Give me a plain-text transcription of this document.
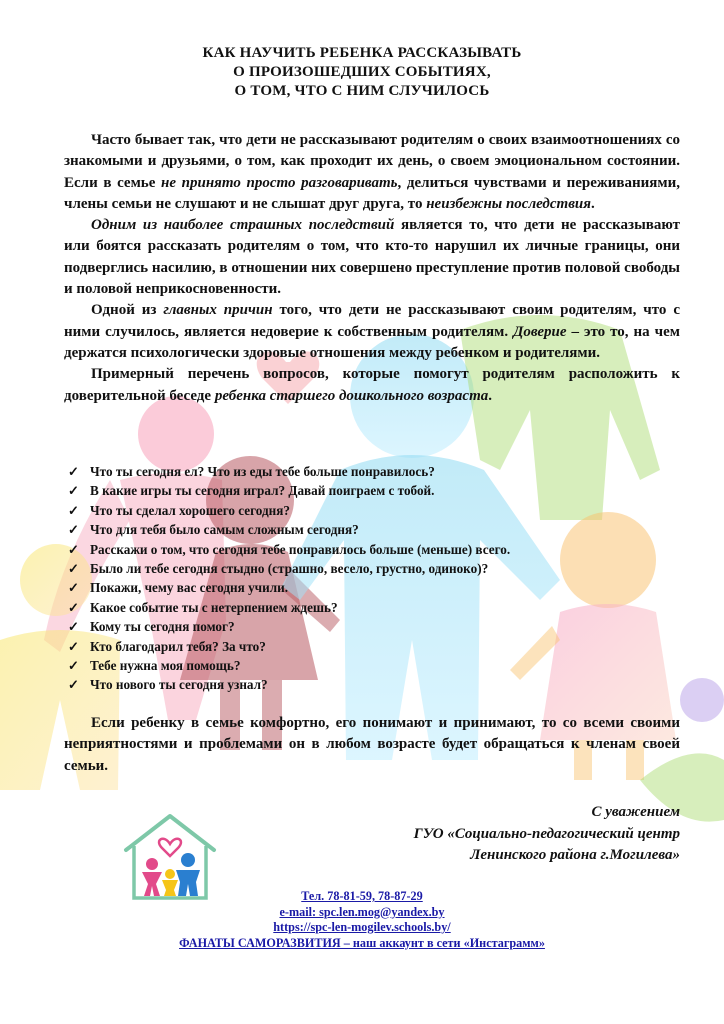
КАК НАУЧИТЬ РЕБЕНКА РАССКАЗЫВАТЬ
О ПРОИЗОШЕДШИХ СОБЫТИЯХ,
О ТОМ, ЧТО С НИМ СЛУЧИЛОСЬ

Часто бывает так, что дети не рассказывают родителям о своих взаимоотношениях со знакомыми и друзьями, о том, как проходит их день, о своем эмоциональном состоянии. Если в семье не принято просто разговаривать, делиться чувствами и переживаниями, члены семьи не слушают и не слышат друг друга, то неизбежны последствия.

Одним из наиболее страшных последствий является то, что дети не рассказывают или боятся рассказать родителям о том, что кто-то нарушил их личные границы, они подверглись насилию, в отношении них совершено преступление против половой свободы и половой неприкосновенности.

Одной из главных причин того, что дети не рассказывают своим родителям, что с ними случилось, является недоверие к собственным родителям. Доверие – это то, на чем держатся психологически здоровые отношения между ребенком и родителями.

Примерный перечень вопросов, которые помогут родителям расположить к доверительной беседе ребенка старшего дошкольного возраста.

✓ Что ты сегодня ел? Что из еды тебе больше понравилось?
✓ В какие игры ты сегодня играл? Давай поиграем с тобой.
✓ Что ты сделал хорошего сегодня?
✓ Что для тебя было самым сложным сегодня?
✓ Расскажи о том, что сегодня тебе понравилось больше (меньше) всего.
✓ Было ли тебе сегодня стыдно (страшно, весело, грустно, одиноко)?
✓ Покажи, чему вас сегодня учили.
✓ Какое событие ты с нетерпением ждешь?
✓ Кому ты сегодня помог?
✓ Кто благодарил тебя? За что?
✓ Тебе нужна моя помощь?
✓ Что нового ты сегодня узнал?

Если ребенку в семье комфортно, его понимают и принимают, то со всеми своими неприятностями и проблемами он в любом возрасте будет обращаться к членам своей семьи.

С уважением
ГУО «Социально-педагогический центр
Ленинского района г.Могилева»
Тел. 78-81-59, 78-87-29
e-mail: spc.len.mog@yandex.by
https://spc-len-mogilev.schools.by/
ФАНАТЫ САМОРАЗВИТИЯ – наш аккаунт в сети «Инстаграмм»
